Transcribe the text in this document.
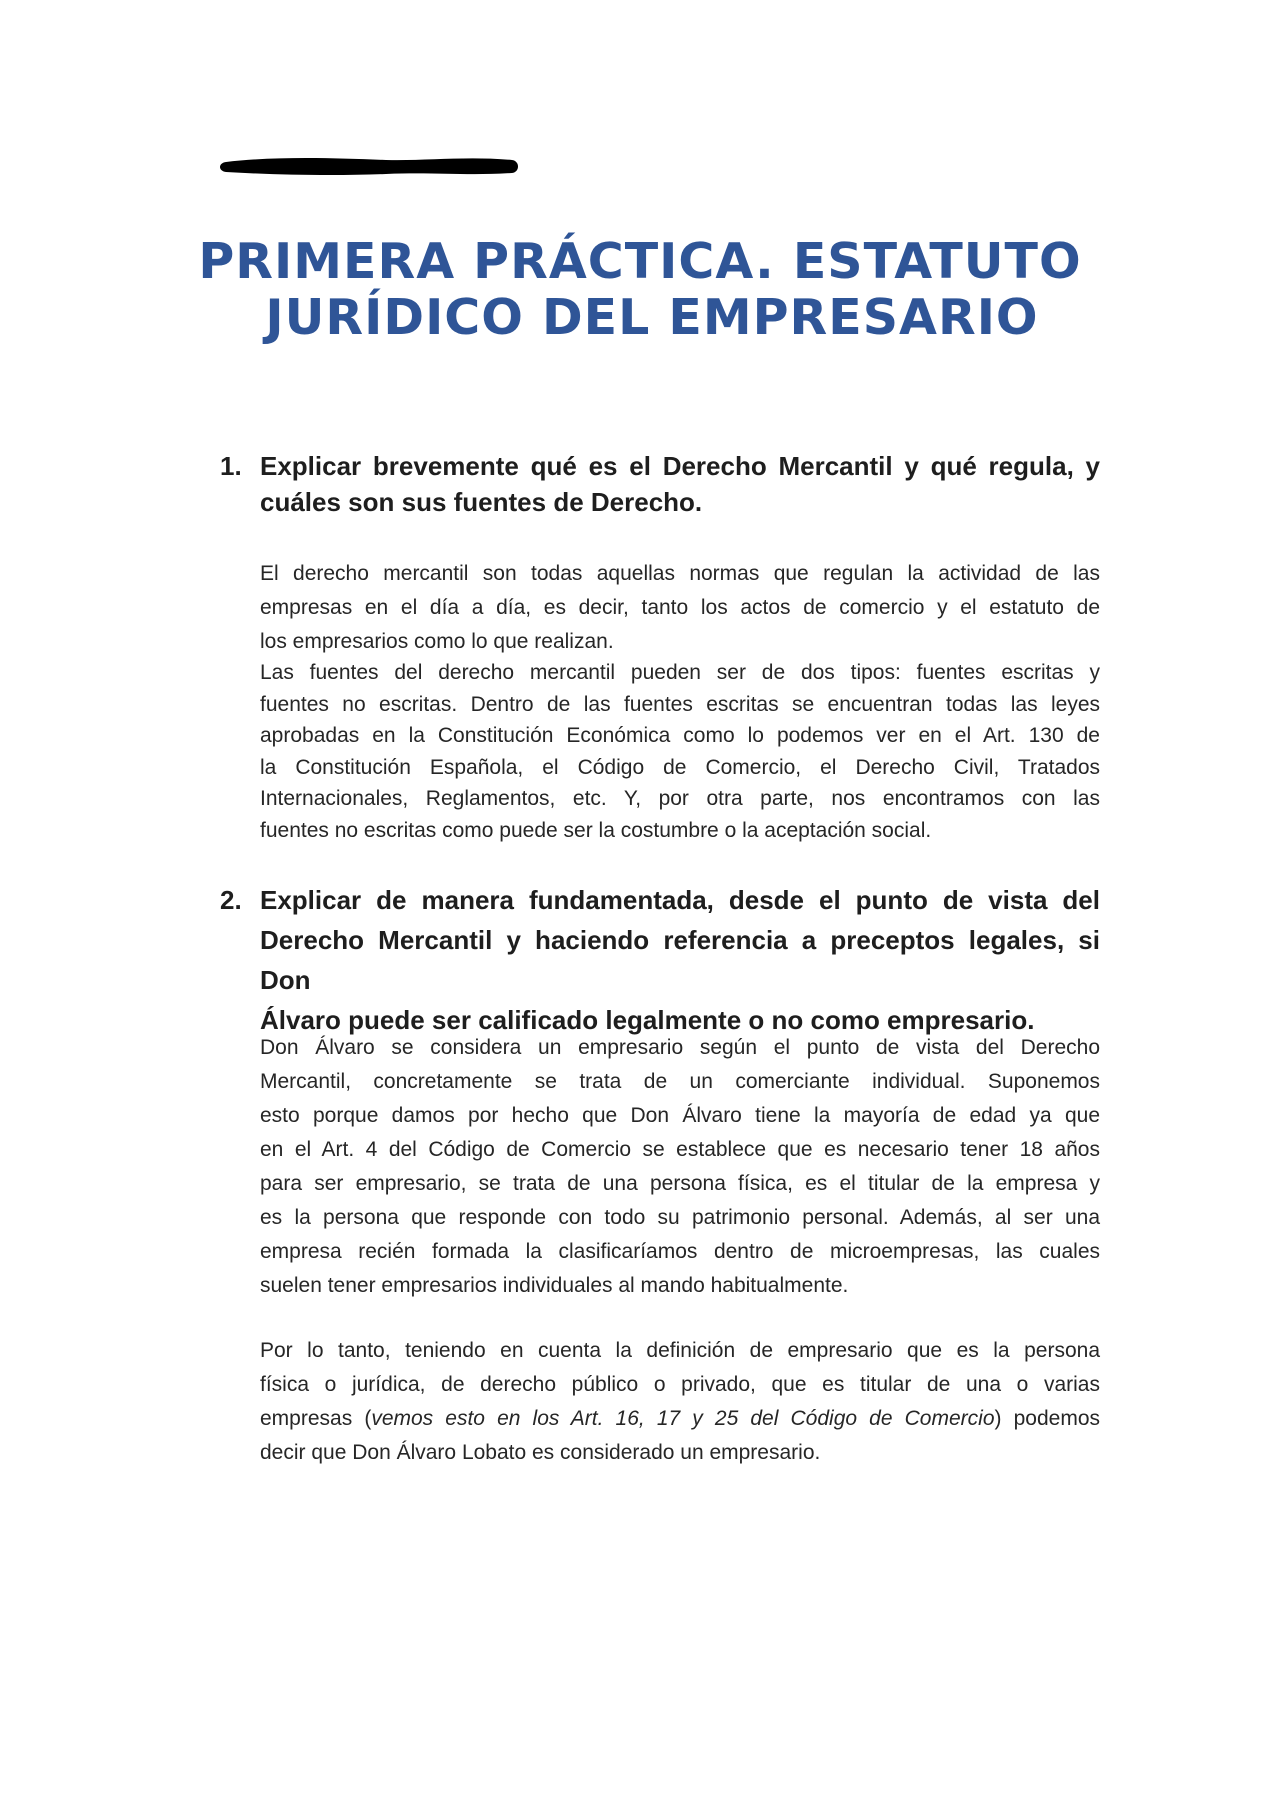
PRIMERA PRÁCTICA. ESTATUTO
JURÍDICO DEL EMPRESARIO
1. Explicar brevemente qué es el Derecho Mercantil y qué regula, y
cuáles son sus fuentes de Derecho.
El derecho mercantil son todas aquellas normas que regulan la actividad de las
empresas en el día a día, es decir, tanto los actos de comercio y el estatuto de
los empresarios como lo que realizan.
Las fuentes del derecho mercantil pueden ser de dos tipos: fuentes escritas y
fuentes no escritas. Dentro de las fuentes escritas se encuentran todas las leyes
aprobadas en la Constitución Económica como lo podemos ver en el Art. 130 de
la Constitución Española, el Código de Comercio, el Derecho Civil, Tratados
Internacionales, Reglamentos, etc. Y, por otra parte, nos encontramos con las
fuentes no escritas como puede ser la costumbre o la aceptación social.
2. Explicar de manera fundamentada, desde el punto de vista del
Derecho Mercantil y haciendo referencia a preceptos legales, si Don
Álvaro puede ser calificado legalmente o no como empresario.
Don Álvaro se considera un empresario según el punto de vista del Derecho
Mercantil, concretamente se trata de un comerciante individual. Suponemos
esto porque damos por hecho que Don Álvaro tiene la mayoría de edad ya que
en el Art. 4 del Código de Comercio se establece que es necesario tener 18 años
para ser empresario, se trata de una persona física, es el titular de la empresa y
es la persona que responde con todo su patrimonio personal. Además, al ser una
empresa recién formada la clasificaríamos dentro de microempresas, las cuales
suelen tener empresarios individuales al mando habitualmente.
Por lo tanto, teniendo en cuenta la definición de empresario que es la persona
física o jurídica, de derecho público o privado, que es titular de una o varias
empresas (vemos esto en los Art. 16, 17 y 25 del Código de Comercio) podemos
decir que Don Álvaro Lobato es considerado un empresario.
